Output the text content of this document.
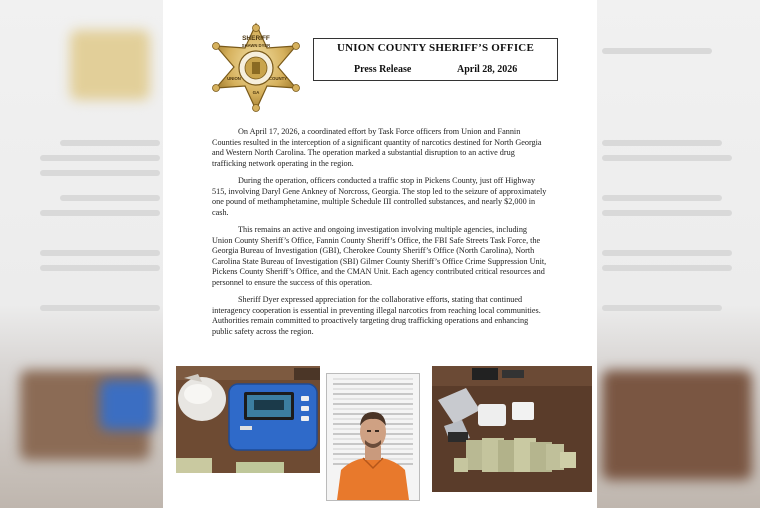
SHERIFF
SHAWN DYER
UNION
GA
COUNTY
UNION COUNTY SHERIFF’S OFFICE
Press Release	April 28, 2026

On April 17, 2026, a coordinated effort by Task Force officers from Union and Fannin Counties resulted in the interception of a significant quantity of narcotics destined for North Georgia and Western North Carolina. The operation marked a substantial disruption to an active drug trafficking network operating in the region.

During the operation, officers conducted a traffic stop in Pickens County, just off Highway 515, involving Daryl Gene Ankney of Norcross, Georgia. The stop led to the seizure of approximately one pound of methamphetamine, multiple Schedule III controlled substances, and nearly $2,000 in cash.

This remains an active and ongoing investigation involving multiple agencies, including Union County Sheriff’s Office, Fannin County Sheriff’s Office, the FBI Safe Streets Task Force, the Georgia Bureau of Investigation (GBI), Cherokee County Sheriff’s Office (North Carolina), North Carolina State Bureau of Investigation (SBI) Gilmer County Sheriff’s Office Crime Suppression Unit, Pickens County Sheriff’s Office, and the CMAN Unit. Each agency contributed critical resources and personnel to ensure the success of this operation.

Sheriff Dyer expressed appreciation for the collaborative efforts, stating that continued interagency cooperation is essential in preventing illegal narcotics from reaching local communities. Authorities remain committed to proactively targeting drug trafficking operations and enhancing public safety across the region.
